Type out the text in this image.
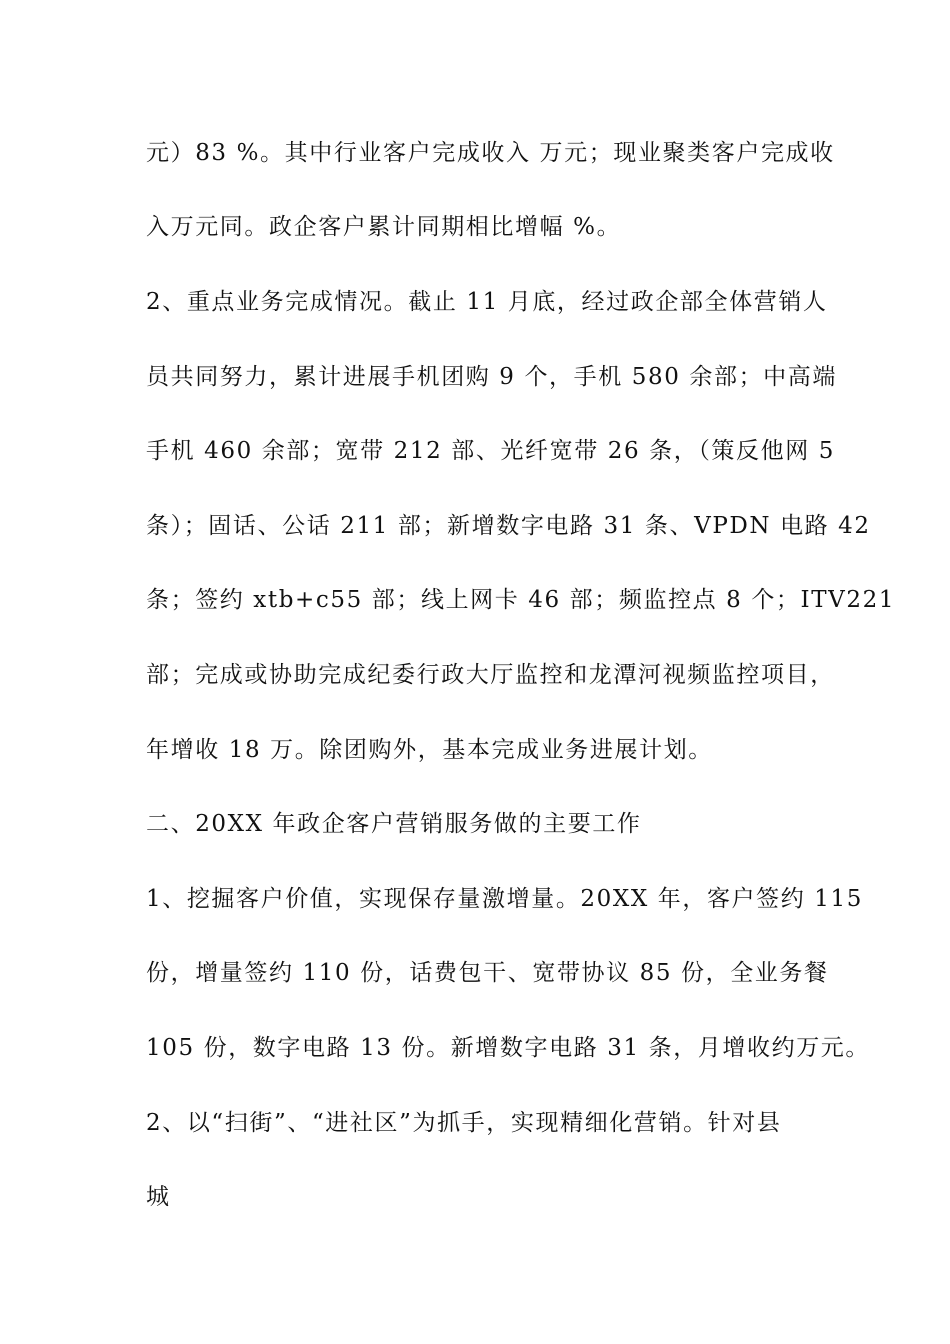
元）83 %。其中行业客户完成收入 万元；现业聚类客户完成收
入万元同。政企客户累计同期相比增幅 %。
2、重点业务完成情况。截止 11 月底，经过政企部全体营销人
员共同努力，累计进展手机团购 9 个，手机 580 余部；中高端
手机 460 余部；宽带 212 部、光纤宽带 26 条，（策反他网 5
条）；固话、公话 211 部；新增数字电路 31 条、VPDN 电路 42
条；签约 xtb+c55 部；线上网卡 46 部；频监控点 8 个；ITV221
部；完成或协助完成纪委行政大厅监控和龙潭河视频监控项目，
年增收 18 万。除团购外，基本完成业务进展计划。
二、20XX 年政企客户营销服务做的主要工作
1、挖掘客户价值，实现保存量激增量。20XX 年，客户签约 115
份，增量签约 110 份，话费包干、宽带协议 85 份，全业务餐
105 份，数字电路 13 份。新增数字电路 31 条，月增收约万元。
2、以“扫街”、“进社区”为抓手，实现精细化营销。针对县
城
